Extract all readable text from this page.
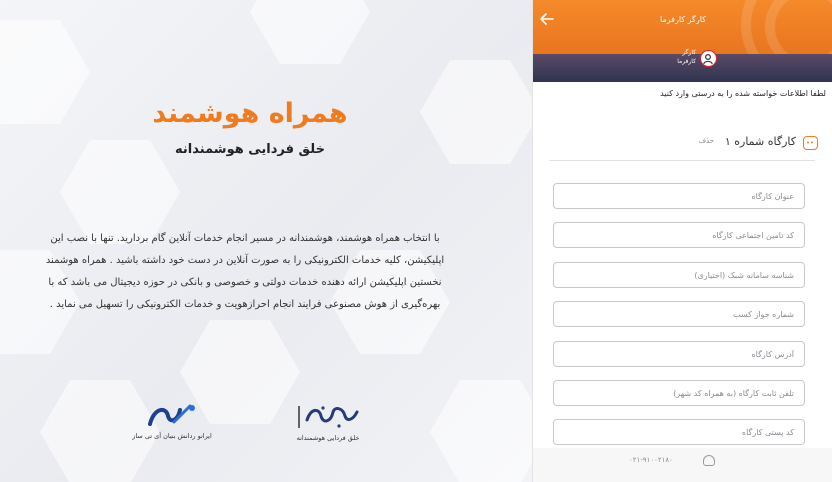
همراه هوشمند
خلق فردایی هوشمندانه
با انتخاب همراه هوشمند، هوشمندانه در مسیر انجام خدمات آنلاین گام بردارید. تنها با نصب این اپلیکیشن، کلیه خدمات الکترونیکی را به صورت آنلاین در دست خود داشته باشید . همراه هوشمند نخستین اپلیکیشن ارائه دهنده خدمات دولتی و خصوصی و بانکی در حوزه دیجیتال می باشد که با بهره‌گیری از هوش مصنوعی فرایند انجام احرازهویت و خدمات الکترونیکی را تسهیل می نماید .
ایرانو ردانش بنیان آی تی ساز	خلق فردایی هوشمندانه
کارگر کارفرما
کارگر
کارفرما
لطفا اطلاعات خواسته شده را به درستی وارد کنید
کارگاه شماره ۱
حذف
عنوان کارگاه
کد تامین اجتماعی کارگاه
شناسه سامانه شبک (اختیاری)
شماره جواز کسب
آدرس کارگاه
تلفن ثابت کارگاه (به همراه کد شهر)
کد پستی کارگاه
۰۲۱-۹۱۰۰۲۱۸۰
